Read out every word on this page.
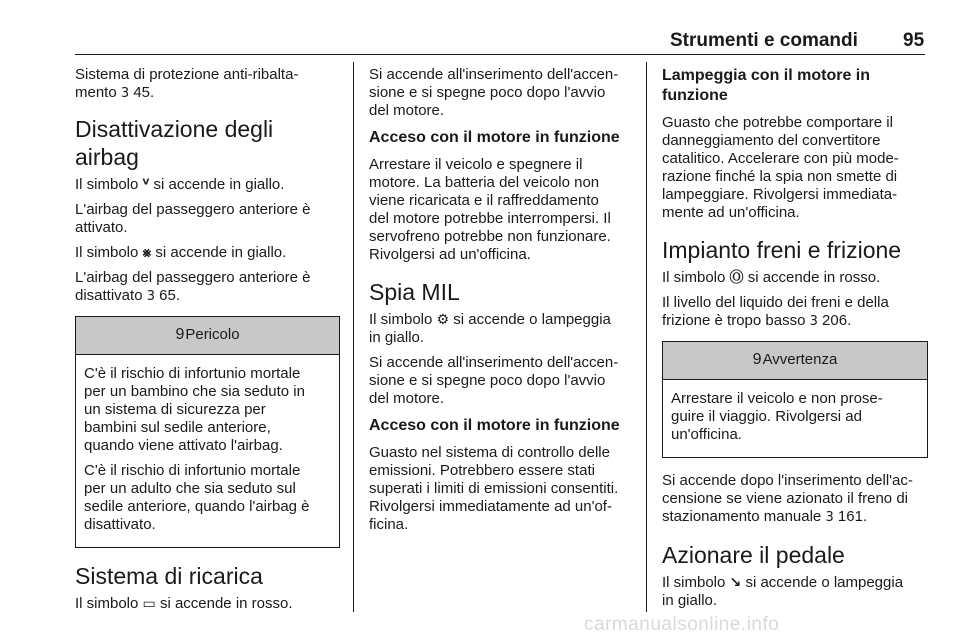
Strumenti e comandi 95

Sistema di protezione anti-ribalta-
mento 3 45.

Disattivazione degli airbag

Il simbolo ⱽ si accende in giallo.

L'airbag del passeggero anteriore è
attivato.

Il simbolo ⨳ si accende in giallo.

L'airbag del passeggero anteriore è
disattivato 3 65.

9Pericolo

C'è il rischio di infortunio mortale
per un bambino che sia seduto in
un sistema di sicurezza per
bambini sul sedile anteriore,
quando viene attivato l'airbag.

C'è il rischio di infortunio mortale
per un adulto che sia seduto sul
sedile anteriore, quando l'airbag è
disattivato.

Sistema di ricarica

Il simbolo ▭ si accende in rosso.

Si accende all'inserimento dell'accen-
sione e si spegne poco dopo l'avvio
del motore.

Acceso con il motore in funzione

Arrestare il veicolo e spegnere il
motore. La batteria del veicolo non
viene ricaricata e il raffreddamento
del motore potrebbe interrompersi. Il
servofreno potrebbe non funzionare.
Rivolgersi ad un'officina.

Spia MIL

Il simbolo ⚙ si accende o lampeggia
in giallo.

Si accende all'inserimento dell'accen-
sione e si spegne poco dopo l'avvio
del motore.

Acceso con il motore in funzione

Guasto nel sistema di controllo delle
emissioni. Potrebbero essere stati
superati i limiti di emissioni consentiti.
Rivolgersi immediatamente ad un'of-
ficina.

Lampeggia con il motore in
funzione

Guasto che potrebbe comportare il
danneggiamento del convertitore
catalitico. Accelerare con più mode-
razione finché la spia non smette di
lampeggiare. Rivolgersi immediata-
mente ad un'officina.

Impianto freni e frizione

Il simbolo Ⓞ si accende in rosso.

Il livello del liquido dei freni e della
frizione è tropo basso 3 206.

9Avvertenza

Arrestare il veicolo e non prose-
guire il viaggio. Rivolgersi ad
un'officina.

Si accende dopo l'inserimento dell'ac-
censione se viene azionato il freno di
stazionamento manuale 3 161.

Azionare il pedale

Il simbolo ↘ si accende o lampeggia
in giallo.

carmanualsonline.info
